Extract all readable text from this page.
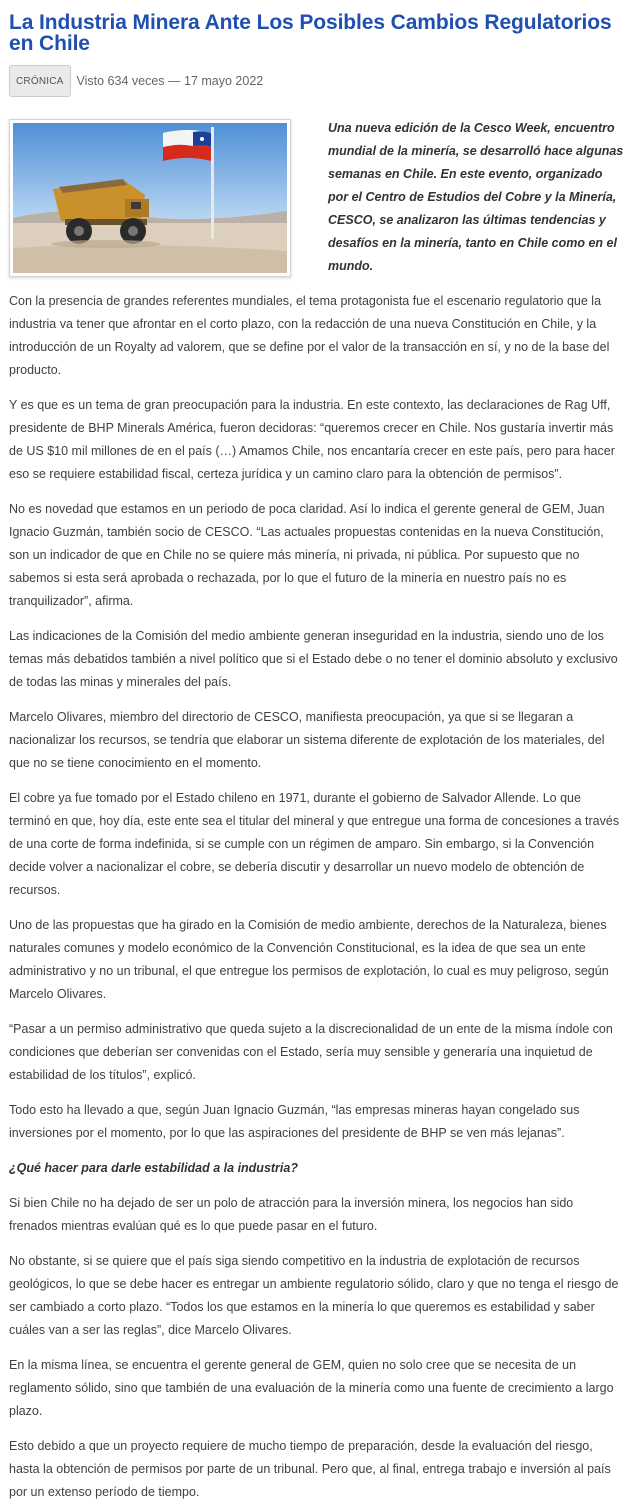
La Industria Minera Ante Los Posibles Cambios Regulatorios en Chile
CRÓNICA	Visto 634 veces — 17 mayo 2022

Una nueva edición de la Cesco Week, encuentro mundial de la minería, se desarrolló hace algunas semanas en Chile. En este evento, organizado por el Centro de Estudios del Cobre y la Minería, CESCO, se analizaron las últimas tendencias y desafíos en la minería, tanto en Chile como en el mundo.

Con la presencia de grandes referentes mundiales, el tema protagonista fue el escenario regulatorio que la industria va tener que afrontar en el corto plazo, con la redacción de una nueva Constitución en Chile, y la introducción de un Royalty ad valorem, que se define por el valor de la transacción en sí, y no de la base del producto.

Y es que es un tema de gran preocupación para la industria. En este contexto, las declaraciones de Rag Uff, presidente de BHP Minerals América, fueron decidoras: “queremos crecer en Chile. Nos gustaría invertir más de US $10 mil millones de en el país (…) Amamos Chile, nos encantaría crecer en este país, pero para hacer eso se requiere estabilidad fiscal, certeza jurídica y un camino claro para la obtención de permisos”.

No es novedad que estamos en un periodo de poca claridad. Así lo indica el gerente general de GEM, Juan Ignacio Guzmán, también socio de CESCO. “Las actuales propuestas contenidas en la nueva Constitución, son un indicador de que en Chile no se quiere más minería, ni privada, ni pública. Por supuesto que no sabemos si esta será aprobada o rechazada, por lo que el futuro de la minería en nuestro país no es tranquilizador”, afirma.

Las indicaciones de la Comisión del medio ambiente generan inseguridad en la industria, siendo uno de los temas más debatidos también a nivel político que si el Estado debe o no tener el dominio absoluto y exclusivo de todas las minas y minerales del país.

Marcelo Olivares, miembro del directorio de CESCO, manifiesta preocupación, ya que si se llegaran a nacionalizar los recursos, se tendría que elaborar un sistema diferente de explotación de los materiales, del que no se tiene conocimiento en el momento.

El cobre ya fue tomado por el Estado chileno en 1971, durante el gobierno de Salvador Allende. Lo que terminó en que, hoy día, este ente sea el titular del mineral y que entregue una forma de concesiones a través de una corte de forma indefinida, si se cumple con un régimen de amparo. Sin embargo, si la Convención decide volver a nacionalizar el cobre, se debería discutir y desarrollar un nuevo modelo de obtención de recursos.

Uno de las propuestas que ha girado en la Comisión de medio ambiente, derechos de la Naturaleza, bienes naturales comunes y modelo económico de la Convención Constitucional, es la idea de que sea un ente administrativo y no un tribunal, el que entregue los permisos de explotación, lo cual es muy peligroso, según Marcelo Olivares.

“Pasar a un permiso administrativo que queda sujeto a la discrecionalidad de un ente de la misma índole con condiciones que deberían ser convenidas con el Estado, sería muy sensible y generaría una inquietud de estabilidad de los títulos”, explicó.

Todo esto ha llevado a que, según Juan Ignacio Guzmán, “las empresas mineras hayan congelado sus inversiones por el momento, por lo que las aspiraciones del presidente de BHP se ven más lejanas”.

¿Qué hacer para darle estabilidad a la industria?

Si bien Chile no ha dejado de ser un polo de atracción para la inversión minera, los negocios han sido frenados mientras evalúan qué es lo que puede pasar en el futuro.

No obstante, si se quiere que el país siga siendo competitivo en la industria de explotación de recursos geológicos, lo que se debe hacer es entregar un ambiente regulatorio sólido, claro y que no tenga el riesgo de ser cambiado a corto plazo. “Todos los que estamos en la minería lo que queremos es estabilidad y saber cuáles van a ser las reglas”, dice Marcelo Olivares.

En la misma línea, se encuentra el gerente general de GEM, quien no solo cree que se necesita de un reglamento sólido, sino que también de una evaluación de la minería como una fuente de crecimiento a largo plazo.

Esto debido a que un proyecto requiere de mucho tiempo de preparación, desde la evaluación del riesgo, hasta la obtención de permisos por parte de un tribunal. Pero que, al final, entrega trabajo e inversión al país por un extenso período de tiempo.
